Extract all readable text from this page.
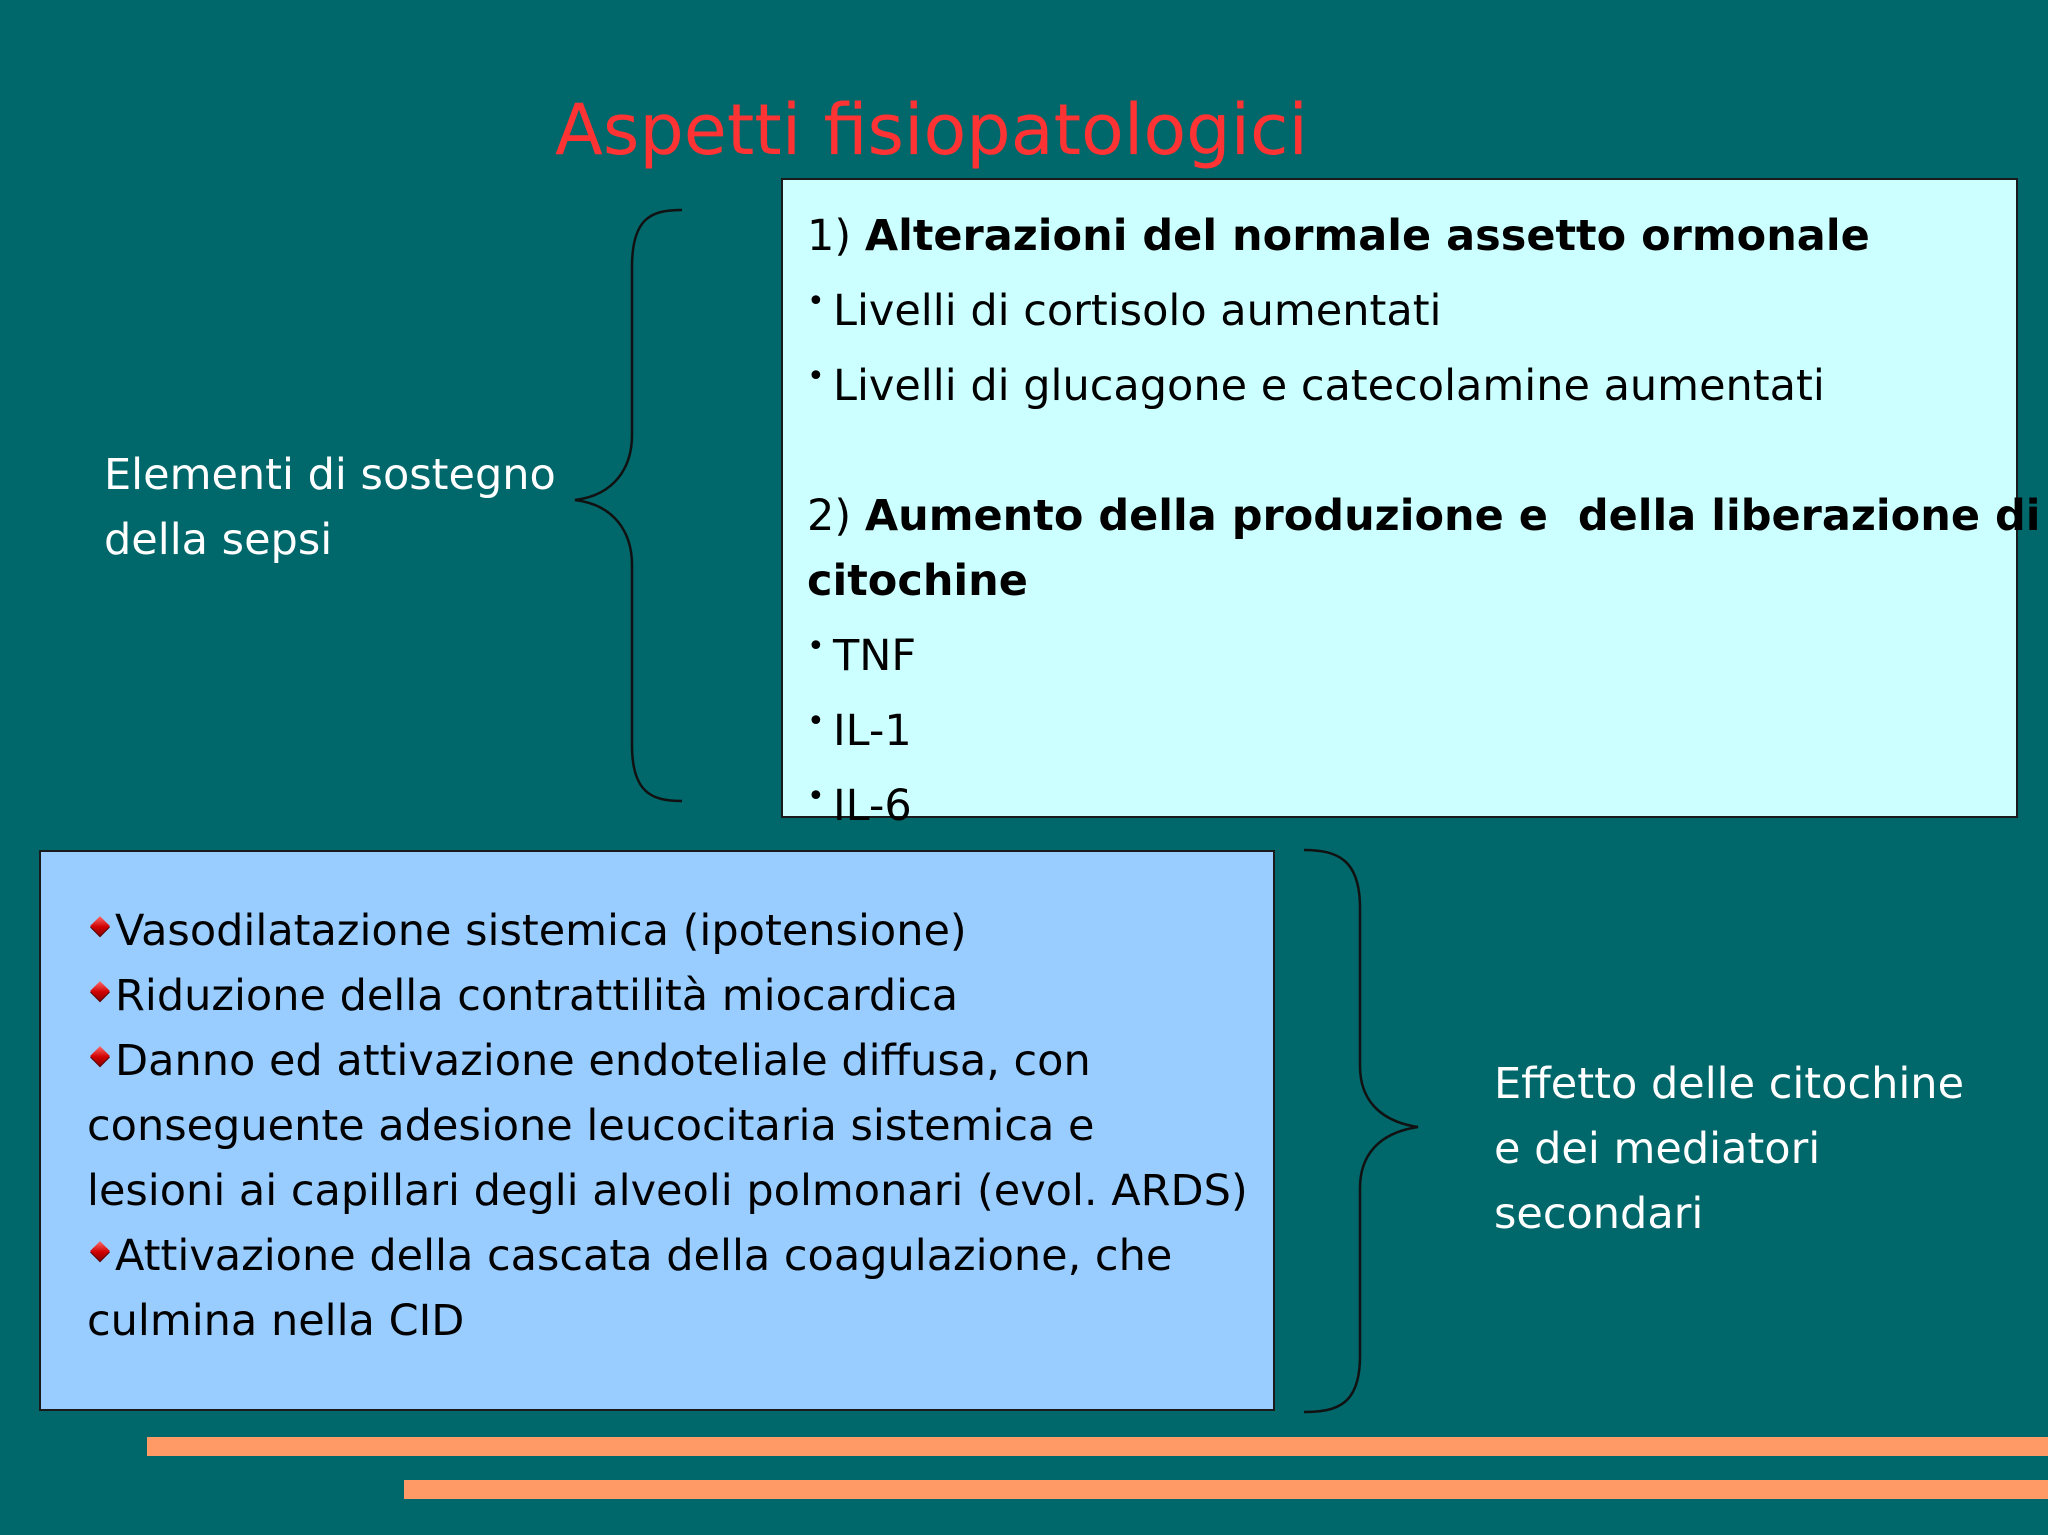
Aspetti fisiopatologici
Elementi di sostegno
della sepsi
1) Alterazioni del normale assetto ormonale
• Livelli di cortisolo aumentati
• Livelli di glucagone e catecolamine aumentati
2) Aumento della produzione e  della liberazione di
citochine
• TNF
• IL-1
• IL-6
Vasodilatazione sistemica (ipotensione)
Riduzione della contrattilità miocardica
Danno ed attivazione endoteliale diffusa, con
conseguente adesione leucocitaria sistemica e
lesioni ai capillari degli alveoli polmonari (evol. ARDS)
Attivazione della cascata della coagulazione, che
culmina nella CID
Effetto delle citochine
e dei mediatori
secondari
